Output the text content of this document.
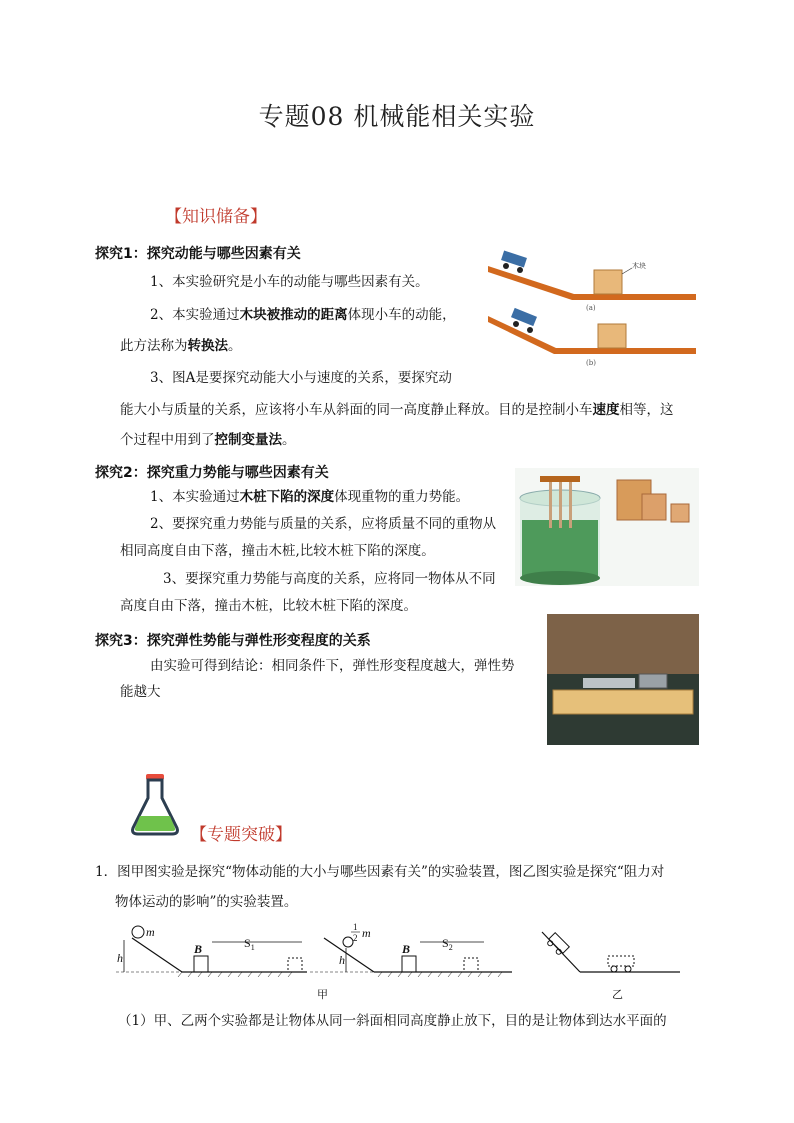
专题08 机械能相关实验
【知识储备】
探究1：探究动能与哪些因素有关
1、本实验研究是小车的动能与哪些因素有关。
2、本实验通过木块被推动的距离体现小车的动能，
此方法称为转换法。
3、图A是要探究动能大小与速度的关系，要探究动
能大小与质量的关系，应该将小车从斜面的同一高度静止释放。目的是控制小车速度相等，这
个过程中用到了控制变量法。
木块
(a)
(b)
探究2：探究重力势能与哪些因素有关
1、本实验通过木桩下陷的深度体现重物的重力势能。
2、要探究重力势能与质量的关系，应将质量不同的重物从
相同高度自由下落，撞击木桩,比较木桩下陷的深度。
3、要探究重力势能与高度的关系，应将同一物体从不同
高度自由下落，撞击木桩，比较木桩下陷的深度。
探究3：探究弹性势能与弹性形变程度的关系
由实验可得到结论：相同条件下，弹性形变程度越大，弹性势
能越大
【专题突破】
1．图甲图实验是探究“物体动能的大小与哪些因素有关”的实验装置，图乙图实验是探究“阻力对
物体运动的影响”的实验装置。
m
h
B	$S_1$
1
2 m
h
B	$S_2$
甲	乙
（1）甲、乙两个实验都是让物体从同一斜面相同高度静止放下，目的是让物体到达水平面的
